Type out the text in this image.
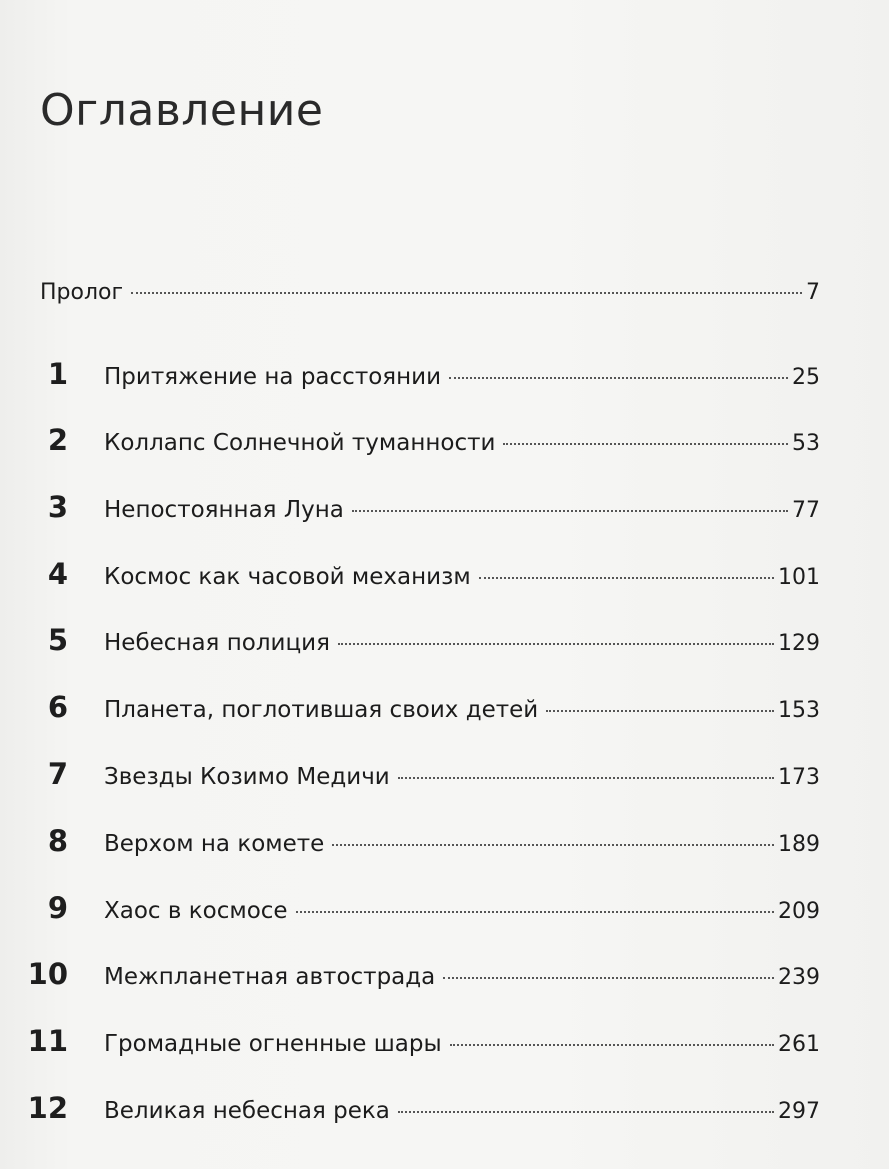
Оглавление
Пролог	7
1 Притяжение на расстоянии	25
2 Коллапс Солнечной туманности	53
3 Непостоянная Луна	77
4 Космос как часовой механизм	101
5 Небесная полиция	129
6 Планета, поглотившая своих детей	153
7 Звезды Козимо Медичи	173
8 Верхом на комете	189
9 Хаос в космосе	209
10 Межпланетная автострада	239
11 Громадные огненные шары	261
12 Великая небесная река	297
